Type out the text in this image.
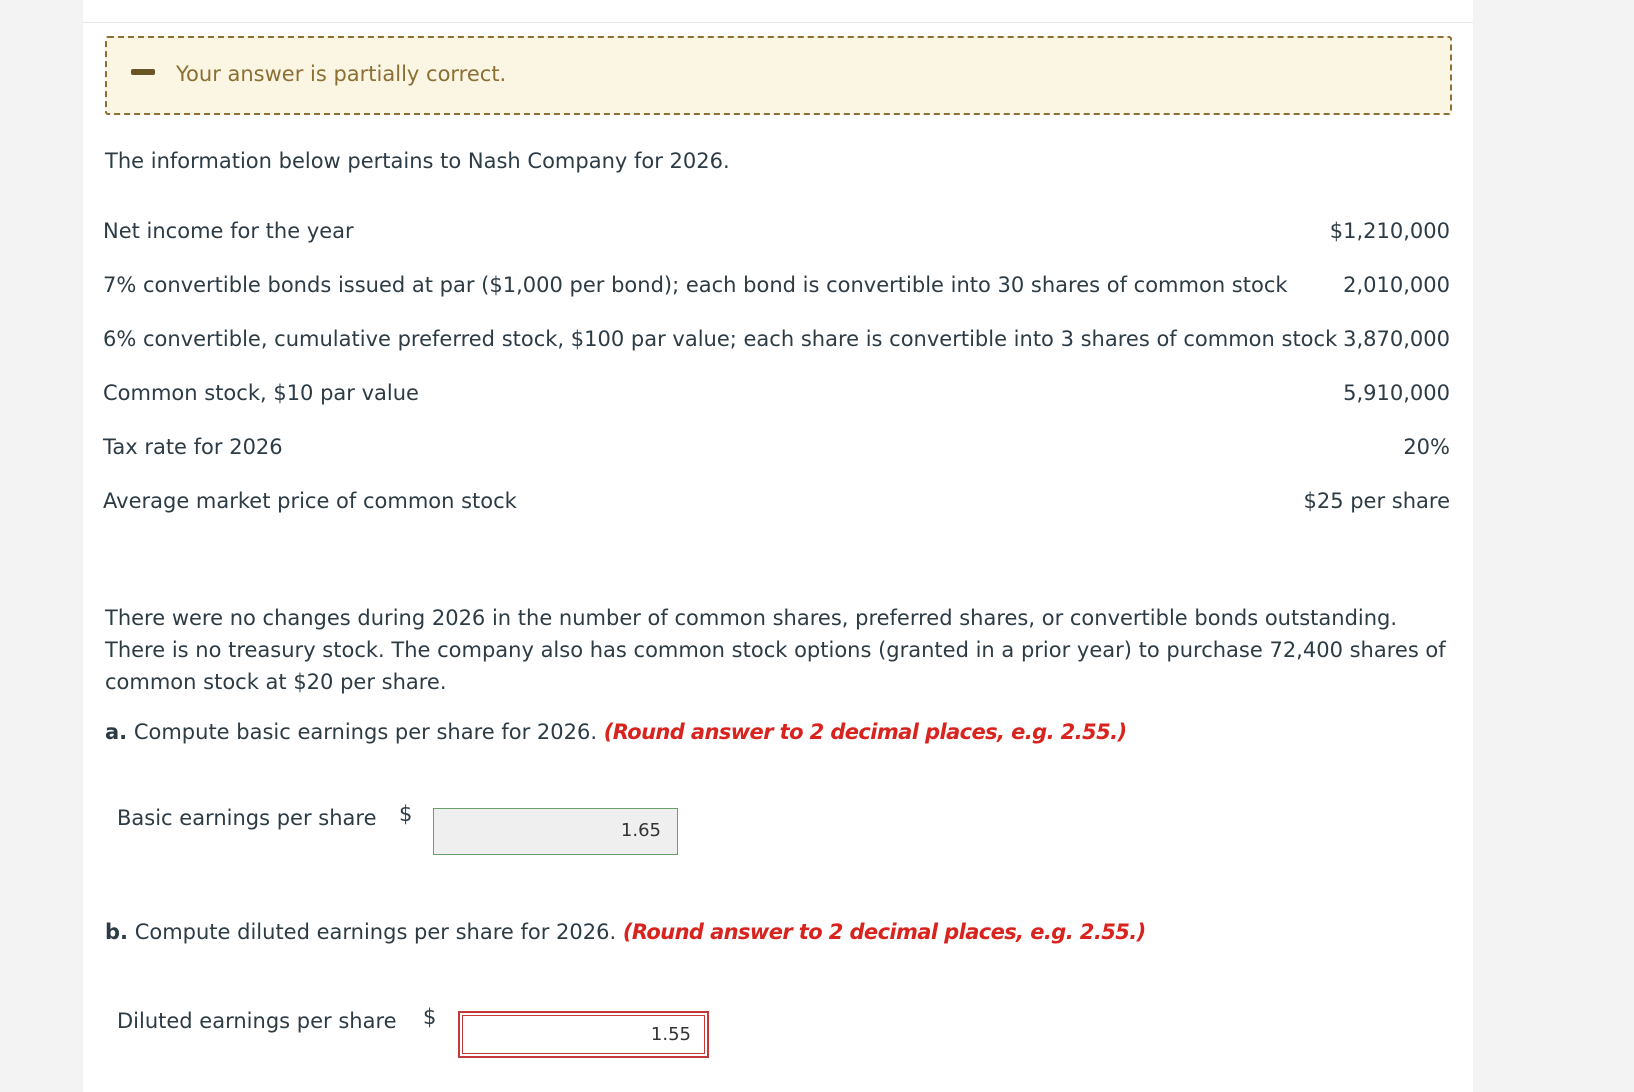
Your answer is partially correct.
The information below pertains to Nash Company for 2026.
Net income for the year	$1,210,000
7% convertible bonds issued at par ($1,000 per bond); each bond is convertible into 30 shares of common stock	2,010,000
6% convertible, cumulative preferred stock, $100 par value; each share is convertible into 3 shares of common stock 3,870,000
Common stock, $10 par value	5,910,000
Tax rate for 2026	20%
Average market price of common stock	$25 per share
There were no changes during 2026 in the number of common shares, preferred shares, or convertible bonds outstanding. There is no treasury stock. The company also has common stock options (granted in a prior year) to purchase 72,400 shares of common stock at $20 per share.
a. Compute basic earnings per share for 2026. (Round answer to 2 decimal places, e.g. 2.55.)
Basic earnings per share $
1.65
b. Compute diluted earnings per share for 2026. (Round answer to 2 decimal places, e.g. 2.55.)
Diluted earnings per share $
1.55
